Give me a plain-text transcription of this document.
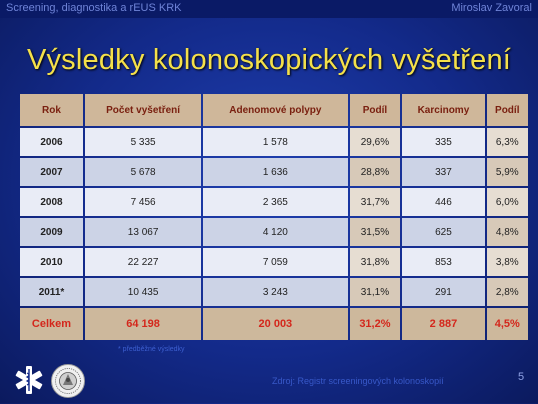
Screening, diagnostika a rEUS KRK	Miroslav Zavoral
Výsledky kolonoskopických vyšetření
Rok	Počet vyšetření	Adenomové polypy	Podíl	Karcinomy	Podíl
2006	5 335	1 578	29,6%	335	6,3%
2007	5 678	1 636	28,8%	337	5,9%
2008	7 456	2 365	31,7%	446	6,0%
2009	13 067	4 120	31,5%	625	4,8%
2010	22 227	7 059	31,8%	853	3,8%
2011*	10 435	3 243	31,1%	291	2,8%
Celkem	64 198	20 003	31,2%	2 887	4,5%
* předběžné výsledky
Zdroj: Registr screeningových kolonoskopií	5
